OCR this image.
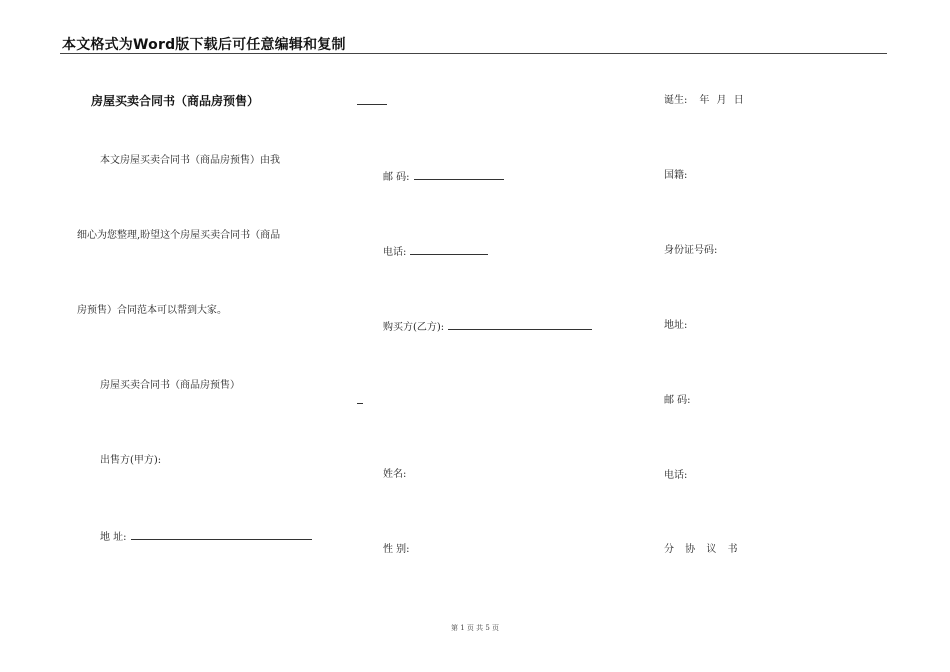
本文格式为Word版下载后可任意编辑和复制
房屋买卖合同书（商品房预售）
本文房屋买卖合同书（商品房预售）由我
细心为您整理,盼望这个房屋买卖合同书（商品
房预售）合同范本可以帮到大家。
房屋买卖合同书（商品房预售）
出售方(甲方):
地 址:
邮 码:
电话:
购买方(乙方):
姓名:
性 别:
诞生: 年 月 日
国籍:
身份证号码:
地址:
邮 码:
电话:
分 协 议 书
第 1 页 共 5 页
